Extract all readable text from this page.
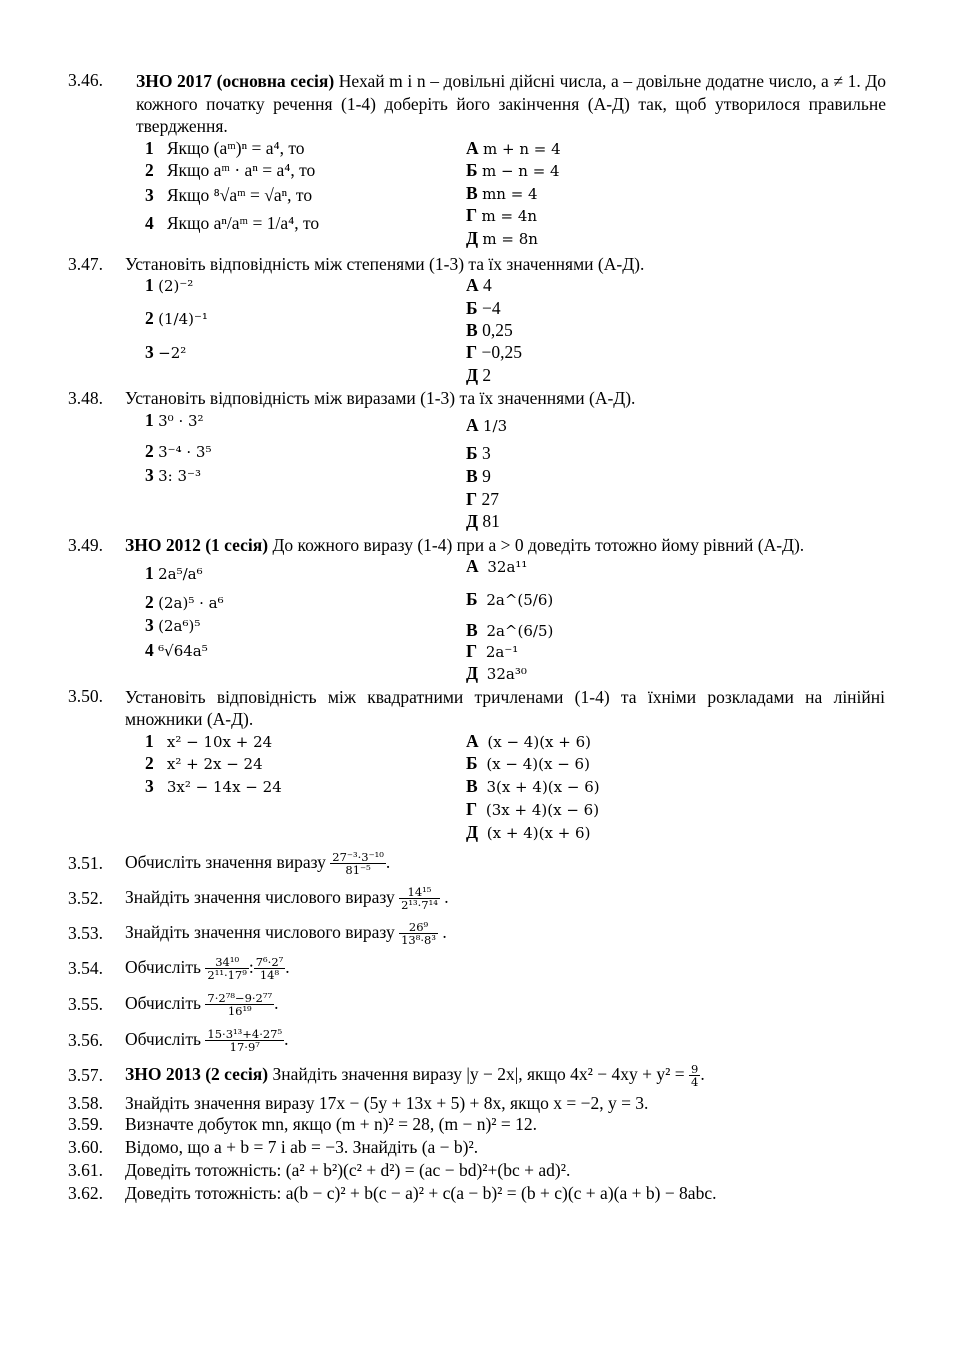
3.46. ЗНО 2017 (основна сесія) Нехай m і n – довільні дійсні числа, a – довільне додатне число, a ≠ 1. До кожного початку речення (1-4) доберіть його закінчення (А-Д) так, щоб утворилося правильне твердження.
1 Якщо (aᵐ)ⁿ = a⁴, то
2 Якщо aᵐ · aⁿ = a⁴, то
3 Якщо ⁸√aᵐ = √aⁿ, то
4 Якщо aⁿ/aᵐ = 1/a⁴, то
А m + n = 4
Б m − n = 4
В mn = 4
Г m = 4n
Д m = 8n
3.47. Установіть відповідність між степенями (1-3) та їх значеннями (А-Д).
1 (2)⁻²
2 (1/4)⁻¹
3 −2²
А 4
Б −4
В 0,25
Г −0,25
Д 2
3.48. Установіть відповідність між виразами (1-3) та їх значеннями (А-Д).
1 3⁰ · 3²
2 3⁻⁴ · 3⁵
3 3: 3⁻³
А 1/3
Б 3
В 9
Г 27
Д 81
3.49. ЗНО 2012 (1 сесія) До кожного виразу (1-4) при a > 0 доведіть тотожно йому рівний (А-Д).
1 2a⁵/a⁶
2 (2a)⁵ · a⁶
3 (2a⁶)⁵
4 ⁶√64a⁵
А 32a¹¹
Б 2a^(5/6)
В 2a^(6/5)
Г 2a⁻¹
Д 32a³⁰
3.50. Установіть відповідність між квадратними тричленами (1-4) та їхніми розкладами на лінійні множники (А-Д).
1 x² − 10x + 24
2 x² + 2x − 24
3 3x² − 14x − 24
А (x − 4)(x + 6)
Б (x − 4)(x − 6)
В 3(x + 4)(x − 6)
Г (3x + 4)(x − 6)
Д (x + 4)(x + 6)
3.51. Обчисліть значення виразу $\frac{\text{27⁻³·3⁻¹⁰}}{\text{81⁻⁵}}$ .
3.52. Знайдіть значення числового виразу $\frac{\text{14¹⁵}}{\text{2¹³·7¹⁴}}$ .
3.53. Знайдіть значення числового виразу $\frac{\text{26⁹}}{\text{13⁸·8³}}$ .
3.54. Обчисліть $\frac{\text{34¹⁰}}{\text{2¹¹·17⁹}}$ : $\frac{\text{7⁶·2⁷}}{\text{14⁸}}$ .
3.55. Обчисліть $\frac{\text{7·2⁷⁸−9·2⁷⁷}}{\text{16¹⁹}}$ .
3.56. Обчисліть $\frac{\text{15·3¹³+4·27⁵}}{\text{17·9⁷}}$ .
3.57. ЗНО 2013 (2 сесія) Знайдіть значення виразу |y − 2x|, якщо $4x^2 - 4xy + y^2 = \frac{9}{4}$ .
3.58. Знайдіть значення виразу 17x − (5y + 13x + 5) + 8x, якщо x = −2, y = 3.
3.59. Визначте добуток mn, якщо (m + n)² = 28, (m − n)² = 12.
3.60. Відомо, що a + b = 7 і ab = −3. Знайдіть (a − b)².
3.61. Доведіть тотожність: (a² + b²)(c² + d²) = (ac − bd)²+(bc + ad)².
3.62. Доведіть тотожність: a(b − c)² + b(c − a)² + c(a − b)² = (b + c)(c + a)(a + b) − 8abc.
